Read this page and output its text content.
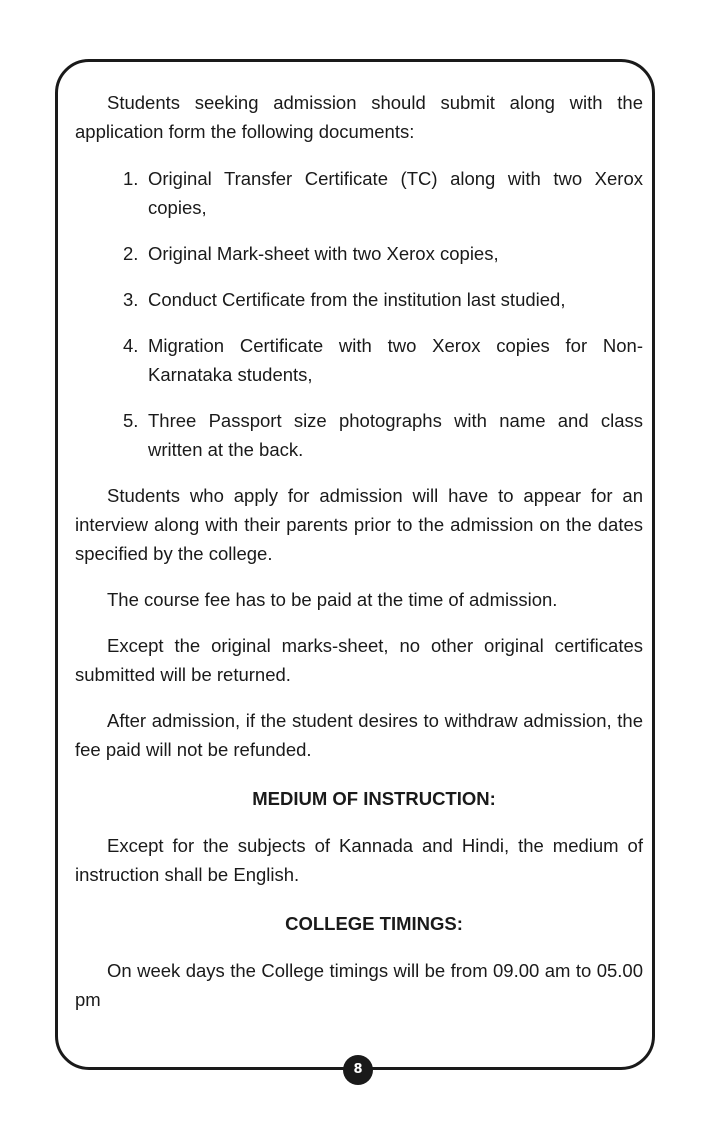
Students seeking admission should submit along with the application form the following documents:

1. Original Transfer Certificate (TC) along with two Xerox copies,
2. Original Mark-sheet with two Xerox copies,
3. Conduct Certificate from the institution last studied,
4. Migration Certificate with two Xerox copies for Non-Karnataka students,
5. Three Passport size photographs with name and class written at the back.

Students who apply for admission will have to appear for an interview along with their parents prior to the admission on the dates specified by the college.

The course fee has to be paid at the time of admission.

Except the original marks-sheet, no other original certificates submitted will be returned.

After admission, if the student desires to withdraw admission, the fee paid will not be refunded.

MEDIUM OF INSTRUCTION:

Except for the subjects of Kannada and Hindi, the medium of instruction shall be English.

COLLEGE TIMINGS:

On week days the College timings will be from 09.00 am to 05.00 pm

8
